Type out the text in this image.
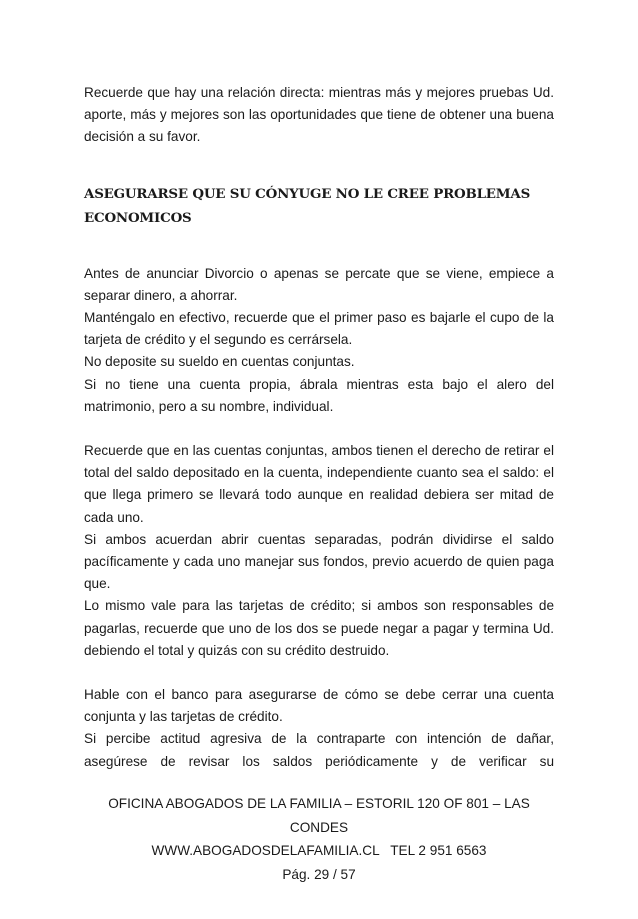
Recuerde que hay una relación directa: mientras más y mejores pruebas Ud. aporte, más y mejores son las oportunidades que tiene de obtener una buena decisión a su favor.

ASEGURARSE QUE SU CÓNYUGE NO LE CREE PROBLEMAS
ECONOMICOS

Antes de anunciar Divorcio o apenas se percate que se viene, empiece a separar dinero, a ahorrar.

Manténgalo en efectivo, recuerde que el primer paso es bajarle el cupo de la tarjeta de crédito y el segundo es cerrársela.

No deposite su sueldo en cuentas conjuntas.

Si no tiene una cuenta propia, ábrala mientras esta bajo el alero del matrimonio, pero a su nombre, individual.

Recuerde que en las cuentas conjuntas, ambos tienen el derecho de retirar el total del saldo depositado en la cuenta, independiente cuanto sea el saldo: el que llega primero se llevará todo aunque en realidad debiera ser mitad de cada uno.

Si ambos acuerdan abrir cuentas separadas, podrán dividirse el saldo pacíficamente y cada uno manejar sus fondos, previo acuerdo de quien paga que.

Lo mismo vale para las tarjetas de crédito; si ambos son responsables de pagarlas, recuerde que uno de los dos se puede negar a pagar y termina Ud. debiendo el total y quizás con su crédito destruido.

Hable con el banco para asegurarse de cómo se debe cerrar una cuenta conjunta y las tarjetas de crédito.

Si percibe actitud agresiva de la contraparte con intención de dañar, asegúrese de revisar los saldos periódicamente y de verificar su

OFICINA ABOGADOS DE LA FAMILIA – ESTORIL 120 OF 801 – LAS
CONDES
WWW.ABOGADOSDELAFAMILIA.CL   TEL 2 951 6563
Pág. 29 / 57
